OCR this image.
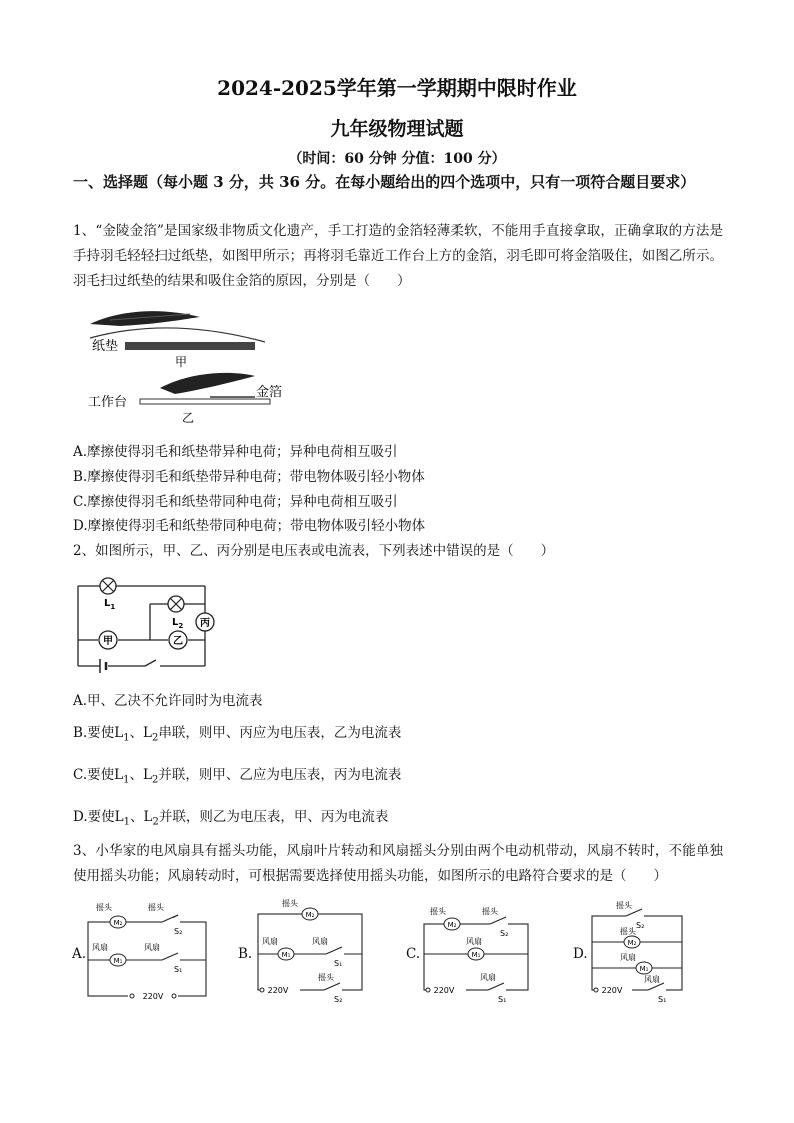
2024-2025学年第一学期期中限时作业
九年级物理试题
（时间：60 分钟 分值：100 分）
一、选择题（每小题 3 分，共 36 分。在每小题给出的四个选项中，只有一项符合题目要求）
1、“金陵金箔”是国家级非物质文化遗产，手工打造的金箔轻薄柔软，不能用手直接拿取，正确拿取的方法是手持羽毛轻轻扫过纸垫，如图甲所示；再将羽毛靠近工作台上方的金箔，羽毛即可将金箔吸住，如图乙所示。羽毛扫过纸垫的结果和吸住金箔的原因，分别是（　　）
纸垫
甲
工作台
金箔
乙
A.摩擦使得羽毛和纸垫带异种电荷；异种电荷相互吸引
B.摩擦使得羽毛和纸垫带异种电荷；带电物体吸引轻小物体
C.摩擦使得羽毛和纸垫带同种电荷；异种电荷相互吸引
D.摩擦使得羽毛和纸垫带同种电荷；带电物体吸引轻小物体
2、如图所示，甲、乙、丙分别是电压表或电流表，下列表述中错误的是（　　）
$L_1$
$L_2$
甲	乙
丙
A.甲、乙决不允许同时为电流表
B.要使$L_1$、$L_2$串联，则甲、丙应为电压表，乙为电流表
C.要使$L_1$、$L_2$并联，则甲、乙应为电压表，丙为电流表
D.要使$L_1$、$L_2$并联，则乙为电压表，甲、丙为电流表
3、小华家的电风扇具有摇头功能，风扇叶片转动和风扇摇头分别由两个电动机带动，风扇不转时，不能单独使用摇头功能；风扇转动时，可根据需要选择使用摇头功能，如图所示的电路符合要求的是（　　）
A.
摇头	摇头
M₂
S₂
风扇	风扇
M₁
S₁
220V
B.
摇头
M₂
风扇	风扇
M₁
S₁
220V
摇头
S₂
C.
摇头	摇头
M₂
S₂
风扇
M₁
220V
风扇
S₁
D.
摇头
S₂
摇头
M₂
风扇
M₁
220V
风扇
S₁
